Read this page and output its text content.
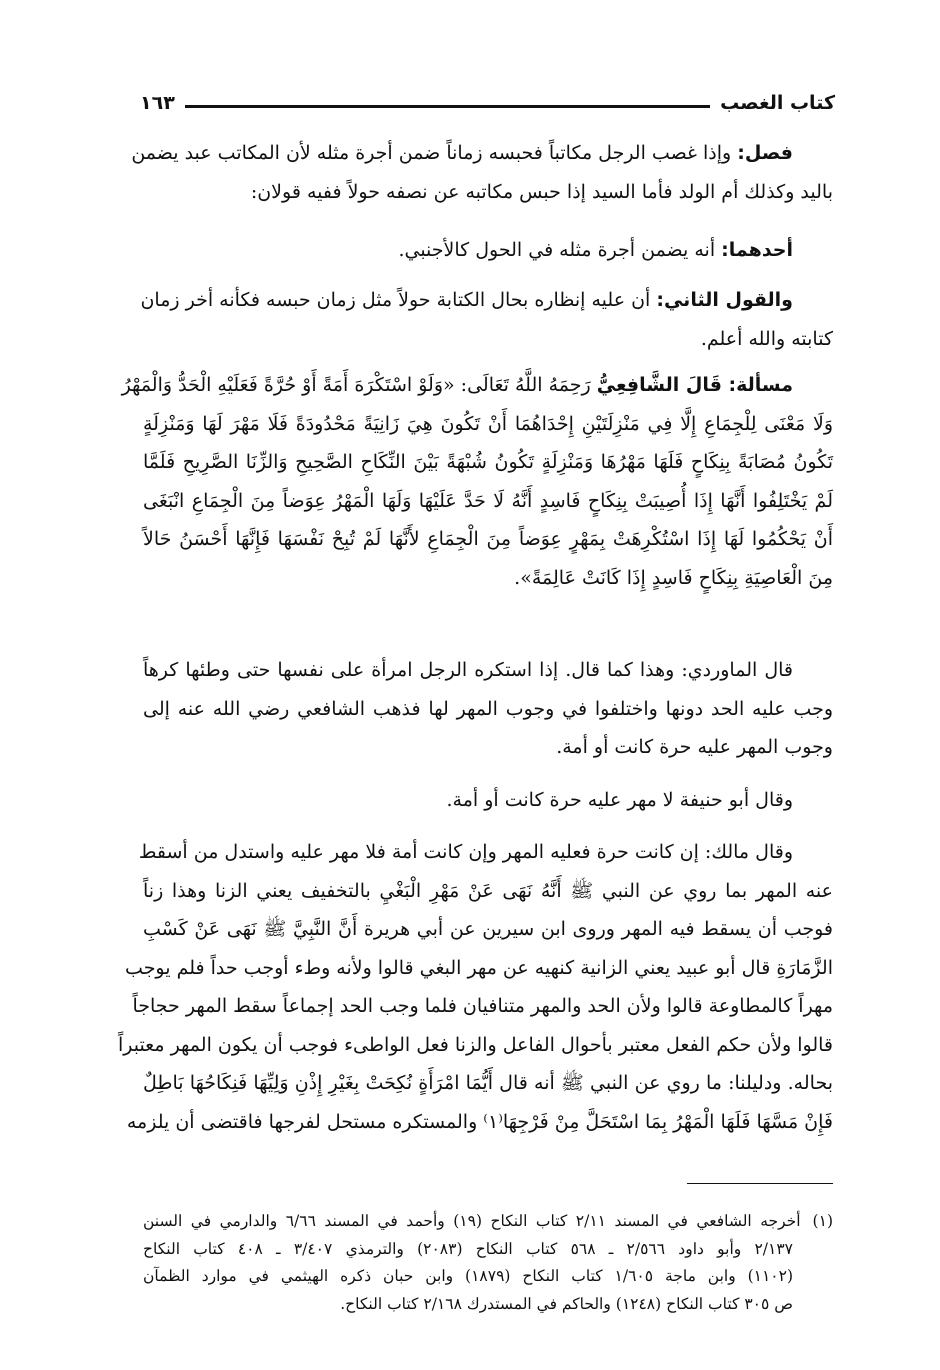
كتاب الغصب
١٦٣
فصل: وإذا غصب الرجل مكاتباً فحبسه زماناً ضمن أجرة مثله لأن المكاتب عبد يضمن
باليد وكذلك أم الولد فأما السيد إذا حبس مكاتبه عن نصفه حولاً ففيه قولان:
أحدهما: أنه يضمن أجرة مثله في الحول كالأجنبي.
والقول الثاني: أن عليه إنظاره بحال الكتابة حولاً مثل زمان حبسه فكأنه أخر زمان
كتابته والله أعلم.
مسألة: قَالَ الشَّافِعِيُّ رَحِمَهُ اللَّهُ تَعَالَى: «وَلَوْ اسْتَكْرَهَ أَمَةً أَوْ حُرَّةً فَعَلَيْهِ الْحَدُّ وَالْمَهْرُ
وَلَا مَعْنَى لِلْجِمَاعِ إِلَّا فِي مَنْزِلَتَيْنِ إِحْدَاهُمَا أَنْ تَكُونَ هِيَ زَانِيَةً مَحْدُودَةً فَلَا مَهْرَ لَهَا وَمَنْزِلَةٍ
تَكُونُ مُصَابَةً بِنِكَاحٍ فَلَهَا مَهْرُهَا وَمَنْزِلَةٍ تَكُونُ شُبْهَةً بَيْنَ النِّكَاحِ الصَّحِيحِ وَالزِّنَا الصَّرِيحِ فَلَمَّا
لَمْ يَخْتَلِفُوا أَنَّهَا إِذَا أُصِيبَتْ بِنِكَاحٍ فَاسِدٍ أَنَّهُ لَا حَدَّ عَلَيْهَا وَلَهَا الْمَهْرُ عِوَضاً مِنَ الْجِمَاعِ انْبَغَى
أَنْ يَحْكُمُوا لَهَا إِذَا اسْتُكْرِهَتْ بِمَهْرٍ عِوَضاً مِنَ الْجِمَاعِ لأَنَّهَا لَمْ تُبِحْ نَفْسَهَا فَإِنَّهَا أَحْسَنُ حَالاً
مِنَ الْعَاصِيَةِ بِنِكَاحٍ فَاسِدٍ إِذَا كَانَتْ عَالِمَةً».
قال الماوردي: وهذا كما قال. إذا استكره الرجل امرأة على نفسها حتى وطئها كرهاً
وجب عليه الحد دونها واختلفوا في وجوب المهر لها فذهب الشافعي رضي الله عنه إلى
وجوب المهر عليه حرة كانت أو أمة.
وقال أبو حنيفة لا مهر عليه حرة كانت أو أمة.
وقال مالك: إن كانت حرة فعليه المهر وإن كانت أمة فلا مهر عليه واستدل من أسقط
عنه المهر بما روي عن النبي ﷺ أَنَّهُ نَهَى عَنْ مَهْرِ الْبَغْيِ بالتخفيف يعني الزنا وهذا زناً
فوجب أن يسقط فيه المهر وروى ابن سيرين عن أبي هريرة أَنَّ النَّبِيَّ ﷺ نَهَى عَنْ كَسْبِ
الزَّمَارَةِ قال أبو عبيد يعني الزانية كنهيه عن مهر البغي قالوا ولأنه وطء أوجب حداً فلم يوجب
مهراً كالمطاوعة قالوا ولأن الحد والمهر متنافيان فلما وجب الحد إجماعاً سقط المهر حجاجاً
قالوا ولأن حكم الفعل معتبر بأحوال الفاعل والزنا فعل الواطىء فوجب أن يكون المهر معتبراً
بحاله. ودليلنا: ما روي عن النبي ﷺ أنه قال أَيُّمَا امْرَأَةٍ نُكِحَتْ بِغَيْرِ إِذْنِ وَلِيِّهَا فَنِكَاحُهَا بَاطِلٌ
فَإِنْ مَسَّهَا فَلَهَا الْمَهْرُ بِمَا اسْتَحَلَّ مِنْ فَرْجِهَا⁽١⁾ والمستكره مستحل لفرجها فاقتضى أن يلزمه
(١)أخرجه الشافعي في المسند ٢/١١ كتاب النكاح (١٩) وأحمد في المسند ٦/٦٦ والدارمي في السنن
٢/١٣٧ وأبو داود ٢/٥٦٦ ـ ٥٦٨ كتاب النكاح (٢٠٨٣) والترمذي ٣/٤٠٧ ـ ٤٠٨ كتاب النكاح
(١١٠٢) وابن ماجة ١/٦٠٥ كتاب النكاح (١٨٧٩) وابن حبان ذكره الهيثمي في موارد الظمآن
ص ٣٠٥ كتاب النكاح (١٢٤٨) والحاكم في المستدرك ٢/١٦٨ كتاب النكاح.
